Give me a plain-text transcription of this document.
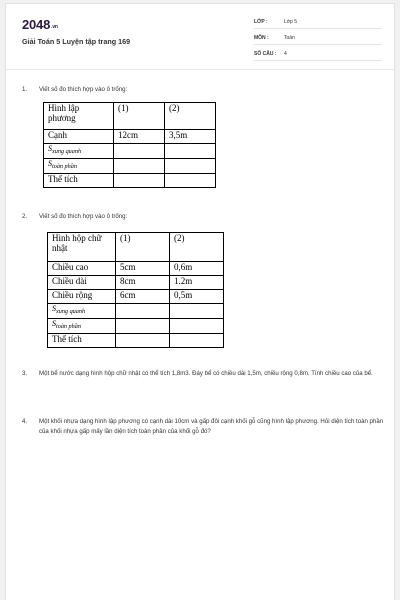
2048.vn
Giải Toán 5 Luyện tập trang 169
LỚP :	Lớp 5
MÔN :	Toán
SỐ CÂU : 4
1. Viết số đo thích hợp vào ô trống:
Hình lập phương	(1)	(2)
Cạnh	12cm	3,5m
$S_{xung quanh}$		
$S_{toàn phần}$		
Thể tích		
2. Viết số đo thích hợp vào ô trống:
Hình hộp chữ nhật	(1)	(2)
Chiều cao	5cm	0,6m
Chiều dài	8cm	1.2m
Chiều rộng	6cm	0,5m
$S_{xung quanh}$		
$S_{toàn phần}$		
Thể tích		
3. Một bể nước dạng hình hộp chữ nhật có thể tích 1,8m3. Đáy bể có chiều dài 1,5m, chiều rộng 0,8m. Tính chiều cao của bể.
4. Một khối nhựa dạng hình lập phương có cạnh dài 10cm và gấp đôi cạnh khối gỗ cũng hình lập phương. Hỏi diện tích toàn phần của khối nhựa gấp mấy lần diện tích toàn phần của khối gỗ đó?
